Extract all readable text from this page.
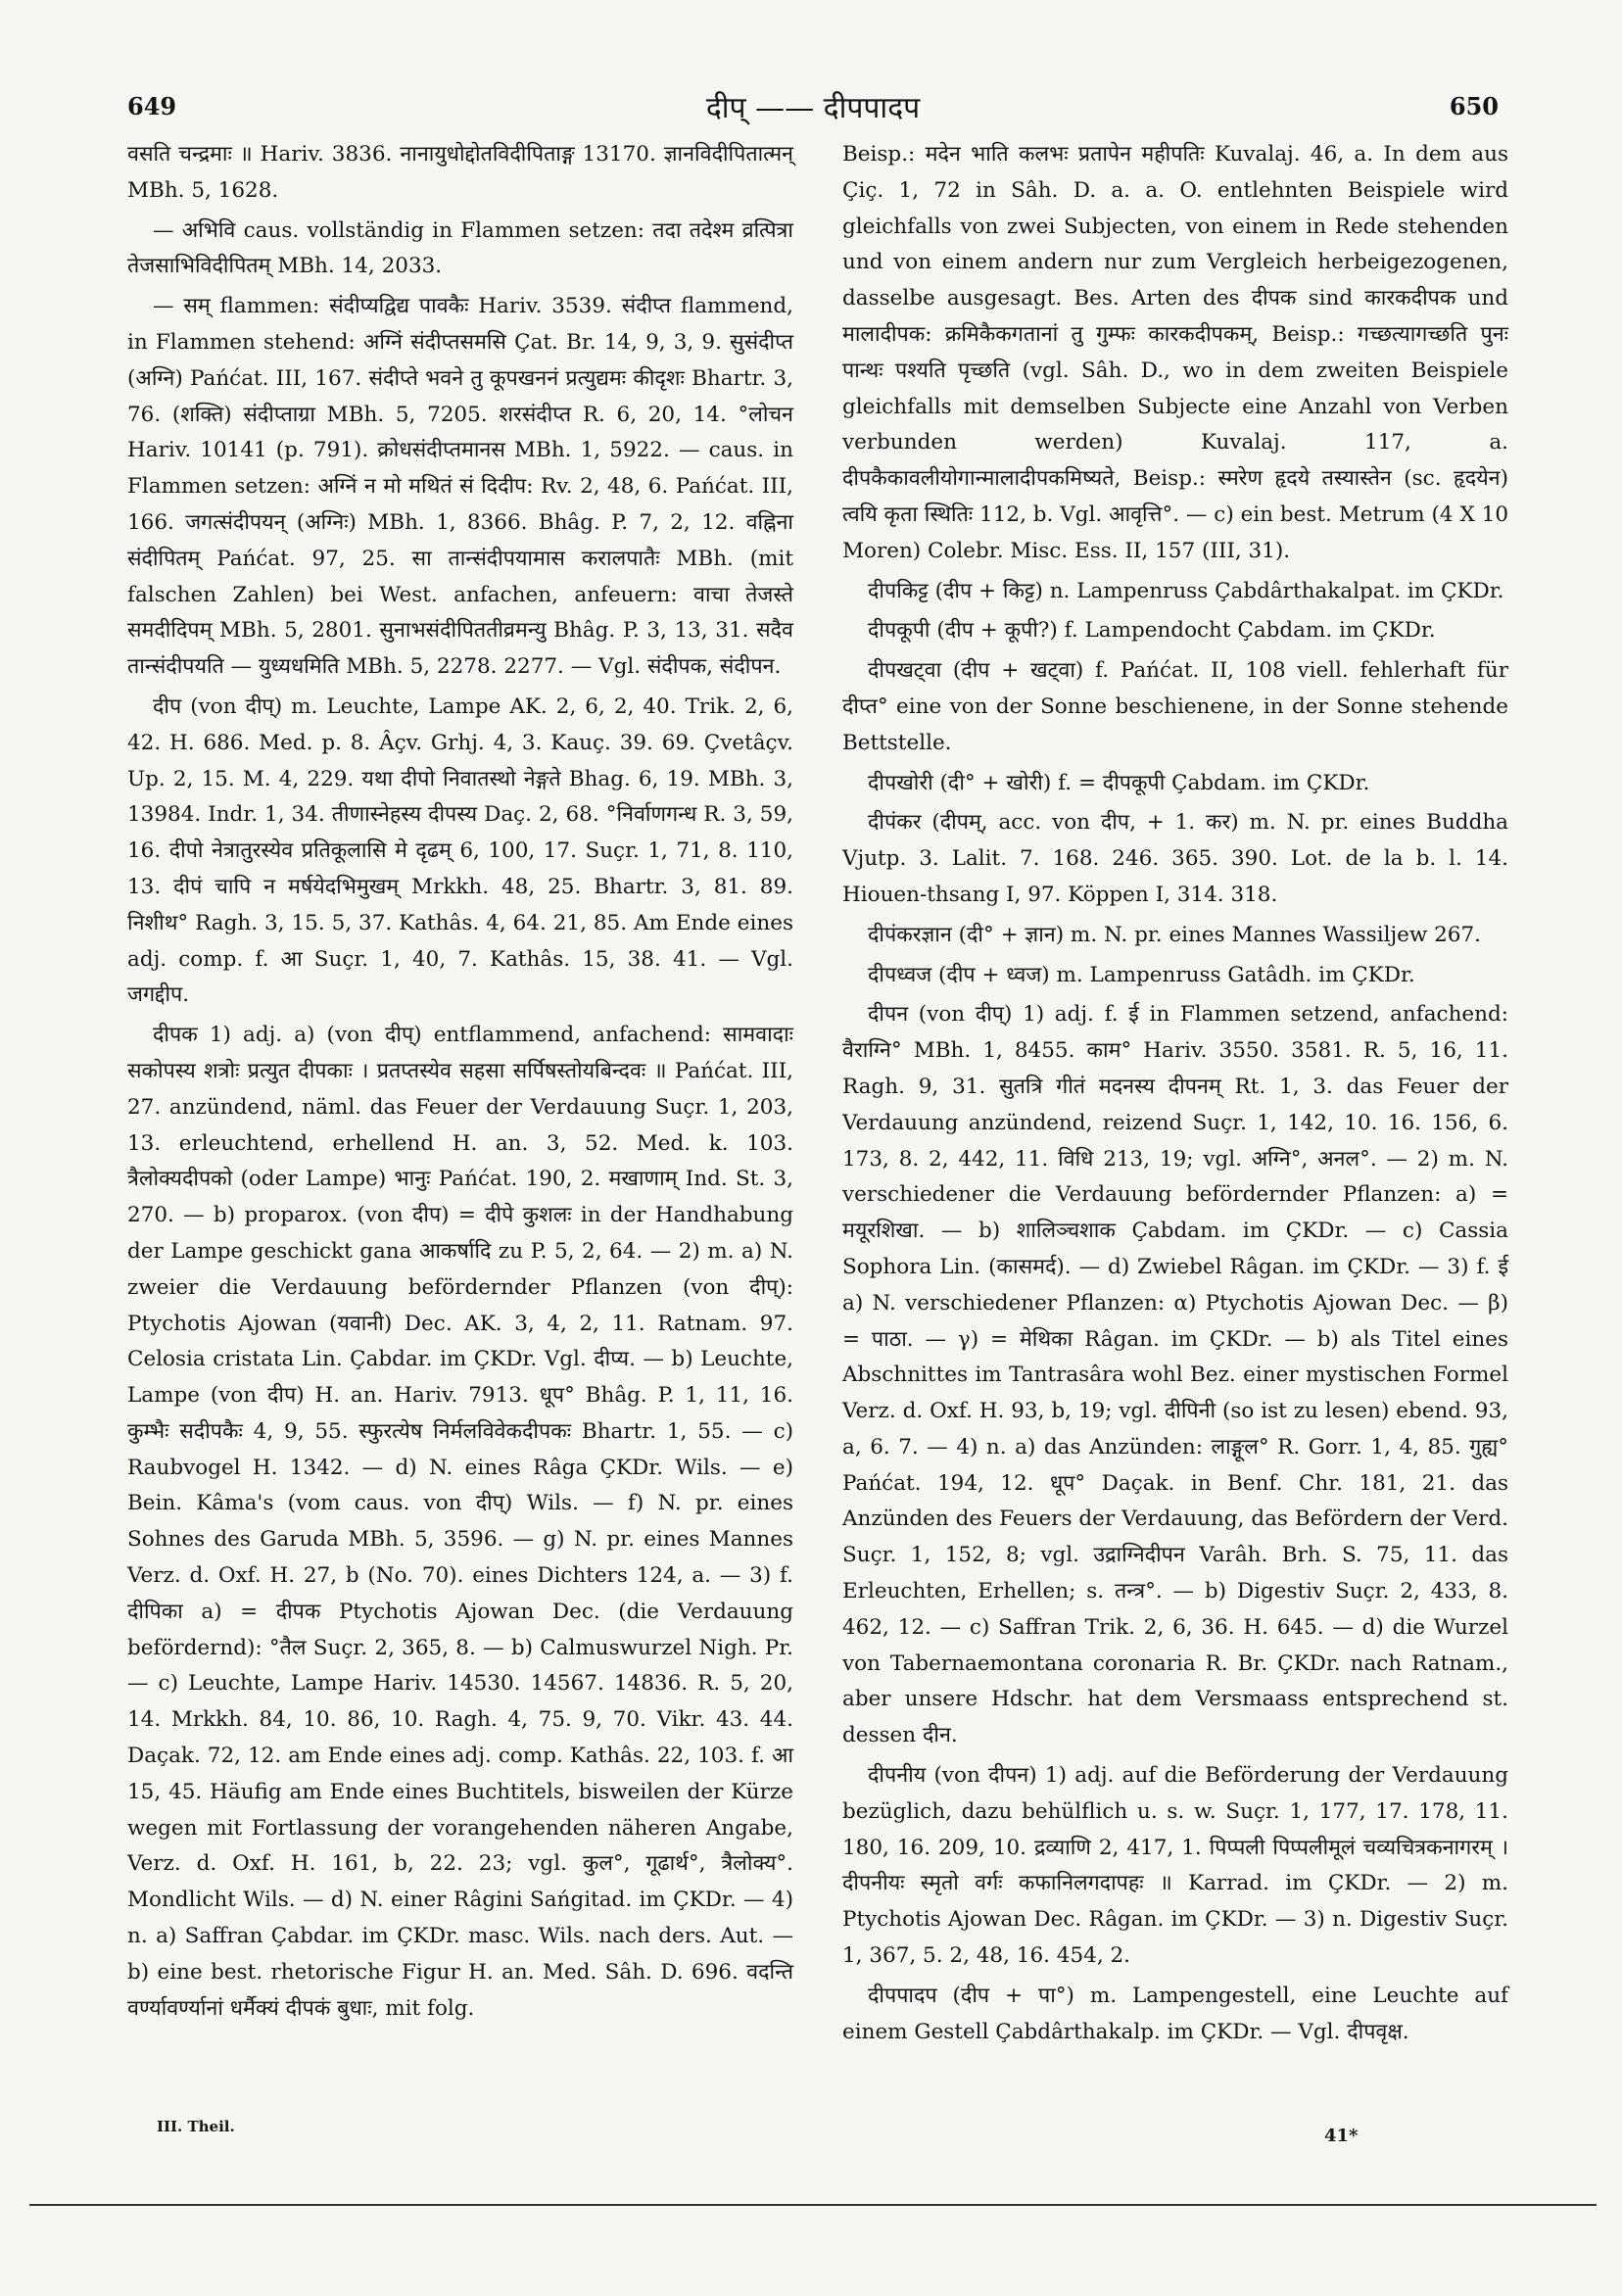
649	दीप् —— दीपपादप	650

वसति चन्द्रमाः ॥ Hariv. 3836. नानायुधोद्दोतविदीपिताङ्ग 13170. ज्ञानविदीपितात्मन् MBh. 5, 1628.

— अभिवि caus. vollständig in Flammen setzen: तदा तदेश्म व्रत्पित्रा तेजसाभिविदीपितम् MBh. 14, 2033.

— सम् flammen: संदीप्यद्विद्य पावकैः Hariv. 3539. संदीप्त flammend, in Flammen stehend: अग्निं संदीप्तसमसि Çat. Br. 14, 9, 3, 9. सुसंदीप्त (अग्नि) Pańćat. III, 167. संदीप्ते भवने तु कूपखननं प्रत्युद्यमः कीदृशः Bhartr. 3, 76. (शक्ति) संदीप्ताग्रा MBh. 5, 7205. शरसंदीप्त R. 6, 20, 14. °लोचन Hariv. 10141 (p. 791). क्रोधसंदीप्तमानस MBh. 1, 5922. — caus. in Flammen setzen: अग्निं न मो मथितं सं दिदीप: Rv. 2, 48, 6. Pańćat. III, 166. जगत्संदीपयन् (अग्निः) MBh. 1, 8366. Bhâg. P. 7, 2, 12. वह्निना संदीपितम् Pańćat. 97, 25. सा तान्संदीपयामास करालपातैः MBh. (mit falschen Zahlen) bei West. anfachen, anfeuern: वाचा तेजस्ते समदीदिपम् MBh. 5, 2801. सुनाभसंदीपिततीव्रमन्यु Bhâg. P. 3, 13, 31. सदैव तान्संदीपयति — युध्यधमिति MBh. 5, 2278. 2277. — Vgl. संदीपक, संदीपन.

दीप (von दीप्) m. Leuchte, Lampe AK. 2, 6, 2, 40. Trik. 2, 6, 42. H. 686. Med. p. 8. Âçv. Grhj. 4, 3. Kauç. 39. 69. Çvetâçv. Up. 2, 15. M. 4, 229. यथा दीपो निवातस्थो नेङ्गते Bhag. 6, 19. MBh. 3, 13984. Indr. 1, 34. तीणास्नेहस्य दीपस्य Daç. 2, 68. °निर्वाणगन्ध R. 3, 59, 16. दीपो नेत्रातुरस्येव प्रतिकूलासि मे दृढम् 6, 100, 17. Suçr. 1, 71, 8. 110, 13. दीपं चापि न मर्षयेदभिमुखम् Mrkkh. 48, 25. Bhartr. 3, 81. 89. निशीथ° Ragh. 3, 15. 5, 37. Kathâs. 4, 64. 21, 85. Am Ende eines adj. comp. f. आ Suçr. 1, 40, 7. Kathâs. 15, 38. 41. — Vgl. जगद्दीप.

दीपक 1) adj. a) (von दीप्) entflammend, anfachend: सामवादाः सकोपस्य शत्रोः प्रत्युत दीपकाः । प्रतप्तस्येव सहसा सर्पिषस्तोयबिन्दवः ॥ Pańćat. III, 27. anzündend, näml. das Feuer der Verdauung Suçr. 1, 203, 13. erleuchtend, erhellend H. an. 3, 52. Med. k. 103. त्रैलोक्यदीपको (oder Lampe) भानुः Pańćat. 190, 2. मखाणाम् Ind. St. 3, 270. — b) proparox. (von दीप) = दीपे कुशलः in der Handhabung der Lampe geschickt gana आकर्षादि zu P. 5, 2, 64. — 2) m. a) N. zweier die Verdauung befördernder Pflanzen (von दीप्): Ptychotis Ajowan (यवानी) Dec. AK. 3, 4, 2, 11. Ratnam. 97. Celosia cristata Lin. Çabdar. im ÇKDr. Vgl. दीप्य. — b) Leuchte, Lampe (von दीप) H. an. Hariv. 7913. धूप° Bhâg. P. 1, 11, 16. कुम्भैः सदीपकैः 4, 9, 55. स्फुरत्येष निर्मलविवेकदीपकः Bhartr. 1, 55. — c) Raubvogel H. 1342. — d) N. eines Râga ÇKDr. Wils. — e) Bein. Kâma's (vom caus. von दीप्) Wils. — f) N. pr. eines Sohnes des Garuda MBh. 5, 3596. — g) N. pr. eines Mannes Verz. d. Oxf. H. 27, b (No. 70). eines Dichters 124, a. — 3) f. दीपिका a) = दीपक Ptychotis Ajowan Dec. (die Verdauung befördernd): °तैल Suçr. 2, 365, 8. — b) Calmuswurzel Nigh. Pr. — c) Leuchte, Lampe Hariv. 14530. 14567. 14836. R. 5, 20, 14. Mrkkh. 84, 10. 86, 10. Ragh. 4, 75. 9, 70. Vikr. 43. 44. Daçak. 72, 12. am Ende eines adj. comp. Kathâs. 22, 103. f. आ 15, 45. Häufig am Ende eines Buchtitels, bisweilen der Kürze wegen mit Fortlassung der vorangehenden näheren Angabe, Verz. d. Oxf. H. 161, b, 22. 23; vgl. कुल°, गूढार्थ°, त्रैलोक्य°. Mondlicht Wils. — d) N. einer Râgini Sańgitad. im ÇKDr. — 4) n. a) Saffran Çabdar. im ÇKDr. masc. Wils. nach ders. Aut. — b) eine best. rhetorische Figur H. an. Med. Sâh. D. 696. वदन्ति वर्ण्यावर्ण्यानां धर्मैक्यं दीपकं बुधाः, mit folg.

Beisp.: मदेन भाति कलभः प्रतापेन महीपतिः Kuvalaj. 46, a. In dem aus Çiç. 1, 72 in Sâh. D. a. a. O. entlehnten Beispiele wird gleichfalls von zwei Subjecten, von einem in Rede stehenden und von einem andern nur zum Vergleich herbeigezogenen, dasselbe ausgesagt. Bes. Arten des दीपक sind कारकदीपक und मालादीपक: क्रमिकैकगतानां तु गुम्फः कारकदीपकम्, Beisp.: गच्छत्यागच्छति पुनः पान्थः पश्यति पृच्छति (vgl. Sâh. D., wo in dem zweiten Beispiele gleichfalls mit demselben Subjecte eine Anzahl von Verben verbunden werden) Kuvalaj. 117, a. दीपकैकावलीयोगान्मालादीपकमिष्यते, Beisp.: स्मरेण हृदये तस्यास्तेन (sc. हृदयेन) त्वयि कृता स्थितिः 112, b. Vgl. आवृत्ति°. — c) ein best. Metrum (4 X 10 Moren) Colebr. Misc. Ess. II, 157 (III, 31).

दीपकिट्ट (दीप + किट्ट) n. Lampenruss Çabdârthakalpat. im ÇKDr.

दीपकूपी (दीप + कूपी?) f. Lampendocht Çabdam. im ÇKDr.

दीपखट्वा (दीप + खट्वा) f. Pańćat. II, 108 viell. fehlerhaft für दीप्त° eine von der Sonne beschienene, in der Sonne stehende Bettstelle.

दीपखोरी (दी° + खोरी) f. = दीपकूपी Çabdam. im ÇKDr.

दीपंकर (दीपम्, acc. von दीप, + 1. कर) m. N. pr. eines Buddha Vjutp. 3. Lalit. 7. 168. 246. 365. 390. Lot. de la b. l. 14. Hiouen-thsang I, 97. Köppen I, 314. 318.

दीपंकरज्ञान (दी° + ज्ञान) m. N. pr. eines Mannes Wassiljew 267.

दीपध्वज (दीप + ध्वज) m. Lampenruss Gatâdh. im ÇKDr.

दीपन (von दीप्) 1) adj. f. ई in Flammen setzend, anfachend: वैराग्नि° MBh. 1, 8455. काम° Hariv. 3550. 3581. R. 5, 16, 11. Ragh. 9, 31. सुतत्रि गीतं मदनस्य दीपनम् Rt. 1, 3. das Feuer der Verdauung anzündend, reizend Suçr. 1, 142, 10. 16. 156, 6. 173, 8. 2, 442, 11. विधि 213, 19; vgl. अग्नि°, अनल°. — 2) m. N. verschiedener die Verdauung befördernder Pflanzen: a) = मयूरशिखा. — b) शालिञ्चशाक Çabdam. im ÇKDr. — c) Cassia Sophora Lin. (कासमर्द). — d) Zwiebel Râgan. im ÇKDr. — 3) f. ई a) N. verschiedener Pflanzen: α) Ptychotis Ajowan Dec. — β) = पाठा. — γ) = मेथिका Râgan. im ÇKDr. — b) als Titel eines Abschnittes im Tantrasâra wohl Bez. einer mystischen Formel Verz. d. Oxf. H. 93, b, 19; vgl. दीपिनी (so ist zu lesen) ebend. 93, a, 6. 7. — 4) n. a) das Anzünden: लाङ्गूल° R. Gorr. 1, 4, 85. गुह्य° Pańćat. 194, 12. धूप° Daçak. in Benf. Chr. 181, 21. das Anzünden des Feuers der Verdauung, das Befördern der Verd. Suçr. 1, 152, 8; vgl. उद्राग्निदीपन Varâh. Brh. S. 75, 11. das Erleuchten, Erhellen; s. तन्त्र°. — b) Digestiv Suçr. 2, 433, 8. 462, 12. — c) Saffran Trik. 2, 6, 36. H. 645. — d) die Wurzel von Tabernaemontana coronaria R. Br. ÇKDr. nach Ratnam., aber unsere Hdschr. hat dem Versmaass entsprechend st. dessen दीन.

दीपनीय (von दीपन) 1) adj. auf die Beförderung der Verdauung bezüglich, dazu behülflich u. s. w. Suçr. 1, 177, 17. 178, 11. 180, 16. 209, 10. द्रव्याणि 2, 417, 1. पिप्पली पिप्पलीमूलं चव्यचित्रकनागरम् । दीपनीयः स्मृतो वर्गः कफानिलगदापहः ॥ Karrad. im ÇKDr. — 2) m. Ptychotis Ajowan Dec. Râgan. im ÇKDr. — 3) n. Digestiv Suçr. 1, 367, 5. 2, 48, 16. 454, 2.

दीपपादप (दीप + पा°) m. Lampengestell, eine Leuchte auf einem Gestell Çabdârthakalp. im ÇKDr. — Vgl. दीपवृक्ष.

III. Theil.	41*
